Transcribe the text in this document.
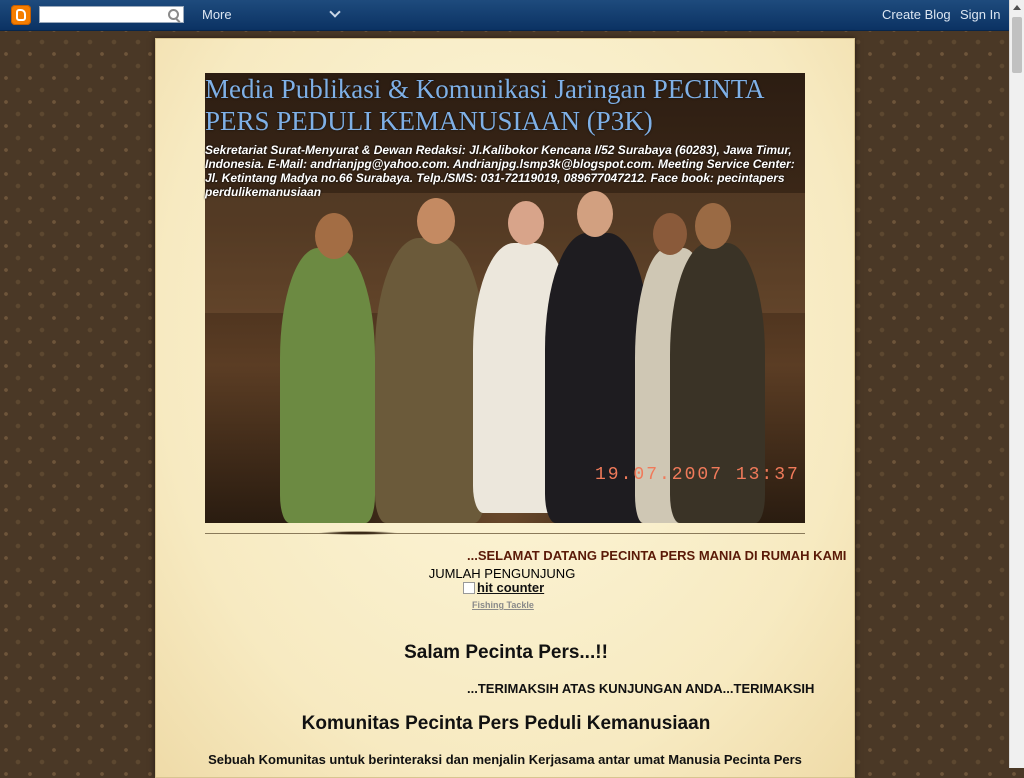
More	Create Blog Sign In
Media Publikasi & Komunikasi Jaringan PECINTA PERS PEDULI KEMANUSIAAN (P3K)

Sekretariat Surat-Menyurat & Dewan Redaksi: Jl.Kalibokor Kencana I/52 Surabaya (60283), Jawa Timur, Indonesia. E-Mail: andrianjpg@yahoo.com. Andrianjpg.lsmp3k@blogspot.com. Meeting Service Center: Jl. Ketintang Madya no.66 Surabaya. Telp./SMS: 031-72119019, 089677047212. Face book: pecintapers perdulikemanusiaan

19.07.2007 13:37
...SELAMAT DATANG PECINTA PERS MANIA DI RUMAH KAMI
JUMLAH PENGUNJUNG
hit counter
Fishing Tackle
Salam Pecinta Pers...!!
...TERIMAKSIH ATAS KUNJUNGAN ANDA...TERIMAKSIH
Komunitas Pecinta Pers Peduli Kemanusiaan
Sebuah Komunitas untuk berinteraksi dan menjalin Kerjasama antar umat Manusia Pecinta Pers
